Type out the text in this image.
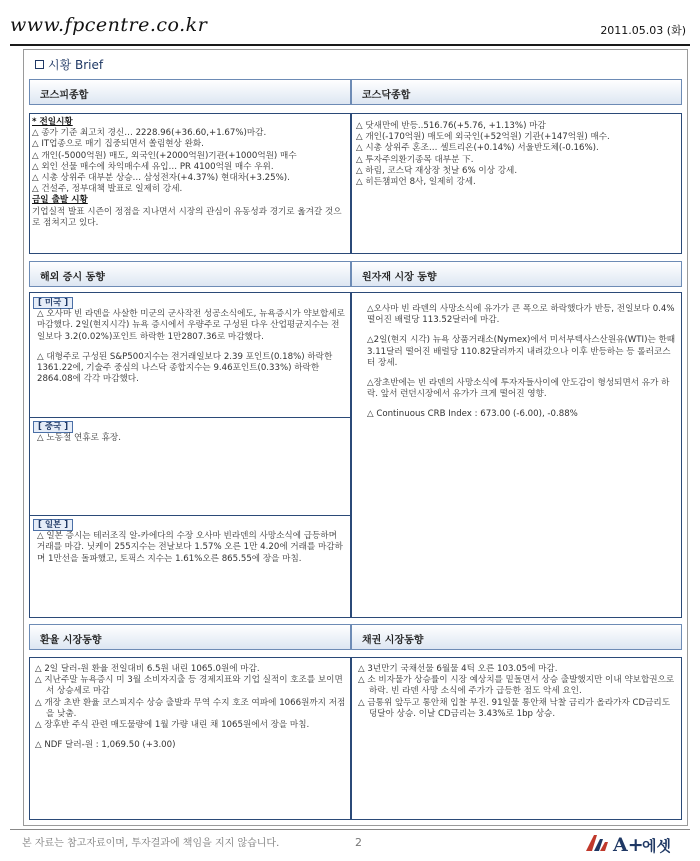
www.fpcentre.co.kr	2011.05.03 (화)
시황 Brief
코스피종합

* 전일시황

△ 종가 기준 최고치 경신… 2228.96(+36.60,+1.67%)마감.

△ IT업종으로 매기 집중되면서 쏠림현상 완화.

△ 개인(-5000억원) 매도, 외국인(+2000억원)기관(+1000억원) 매수

△ 외인 선물 매수에 차익매수세 유입… PR 4100억원 매수 우위.

△ 시총 상위주 대부분 상승… 삼성전자(+4.37%) 현대차(+3.25%).

△ 건설주, 정부대책 발표로 일제히 강세.

금일 출발 시황

기업실적 발표 시즌이 정점을 지나면서 시장의 관심이 유동성과 경기로 옮겨갈 것으로 점쳐지고 있다.

코스닥종합

△ 닷새만에 반등..516.76(+5.76, +1.13%) 마감

△ 개인(-170억원) 매도에 외국인(+52억원) 기관(+147억원) 매수.

△ 시총 상위주 혼조… 셀트리온(+0.14%) 서울반도체(-0.16%).

△ 투자주의환기종목 대부분 下.

△ 하림, 코스닥 재상장 첫날 6% 이상 강세.

△ 히든챔피언 8사, 일제히 강세.

해외 증시 동향

[ 미국 ]

△ 오사마 빈 라덴을 사살한 미군의 군사작전 성공소식에도, 뉴욕증시가 약보합세로 마감했다. 2일(현지시각) 뉴욕 증시에서 우량주로 구성된 다우 산업평균지수는 전일보다 3.2(0.02%)포인트 하락한 1만2807.36로 마감했다.

△ 대형주로 구성된 S&P500지수는 전거래일보다 2.39 포인트(0.18%) 하락한 1361.22에, 기술주 중심의 나스닥 종합지수는 9.46포인트(0.33%) 하락한2864.08에 각각 마감했다.

[ 중국 ]

△ 노동절 연휴로 휴장.

[ 일본 ]

△ 일본 증시는 테러조직 알-카에다의 수장 오사마 빈라덴의 사망소식에 급등하며 거래를 마감. 닛케이 255지수는 전날보다 1.57% 오른 1만 4.20에 거래를 마감하며 1만선을 돌파했고, 토픽스 지수는 1.61%오른 865.55에 장을 마침.

원자재 시장 동향

△오사마 빈 라덴의 사망소식에 유가가 큰 폭으로 하락했다가 반등, 전일보다 0.4% 떨어진 배럴당 113.52달러에 마감.

△2일(현지 시각) 뉴욕 상품거래소(Nymex)에서 미서부텍사스산원유(WTI)는 한때 3.11달러 떨어진 배럴당 110.82달러까지 내려갔으나 이후 반등하는 등 롤러코스터 장세.

△장초반에는 빈 라덴의 사망소식에 투자자들사이에 안도감이 형성되면서 유가 하락. 앞서 런던시장에서 유가가 크게 떨어진 영향.

△ Continuous CRB Index : 673.00 (-6.00), -0.88%

환율 시장동향

△ 2일 달러-원 환율 전일대비 6.5원 내린 1065.0원에 마감.

△ 지난주말 뉴욕증시 미 3월 소비자지출 등 경제지표와 기업 실적이 호조를 보이면서 상승세로 마감

△ 개장 초반 환율 코스피지수 상승 출발과 무역 수지 호조 여파에 1066원까지 저점을 낮춤.

△ 장후반 주식 관련 매도물량에 1월 가량 내린 채 1065원에서 장을 마침.

△ NDF 달러-원 : 1,069.50 (+3.00)

채권 시장동향

△ 3년만기 국채선물 6월물 4틱 오른 103.05에 마감.

△ 소 비자물가 상승률이 시장 예상치를 밑돌면서 상승 출발했지만 이내 약보합권으로 하락. 빈 라덴 사망 소식에 주가가 급등한 점도 악세 요인.

△ 금통위 앞두고 통안채 입찰 부진. 91일물 통안채 낙찰 금리가 올라가자 CD금리도 덩달아 상승. 이날 CD금리는 3.43%로 1bp 상승.

본 자료는 참고자료이며, 투자결과에 책임을 지지 않습니다.	2	A+
에셋
